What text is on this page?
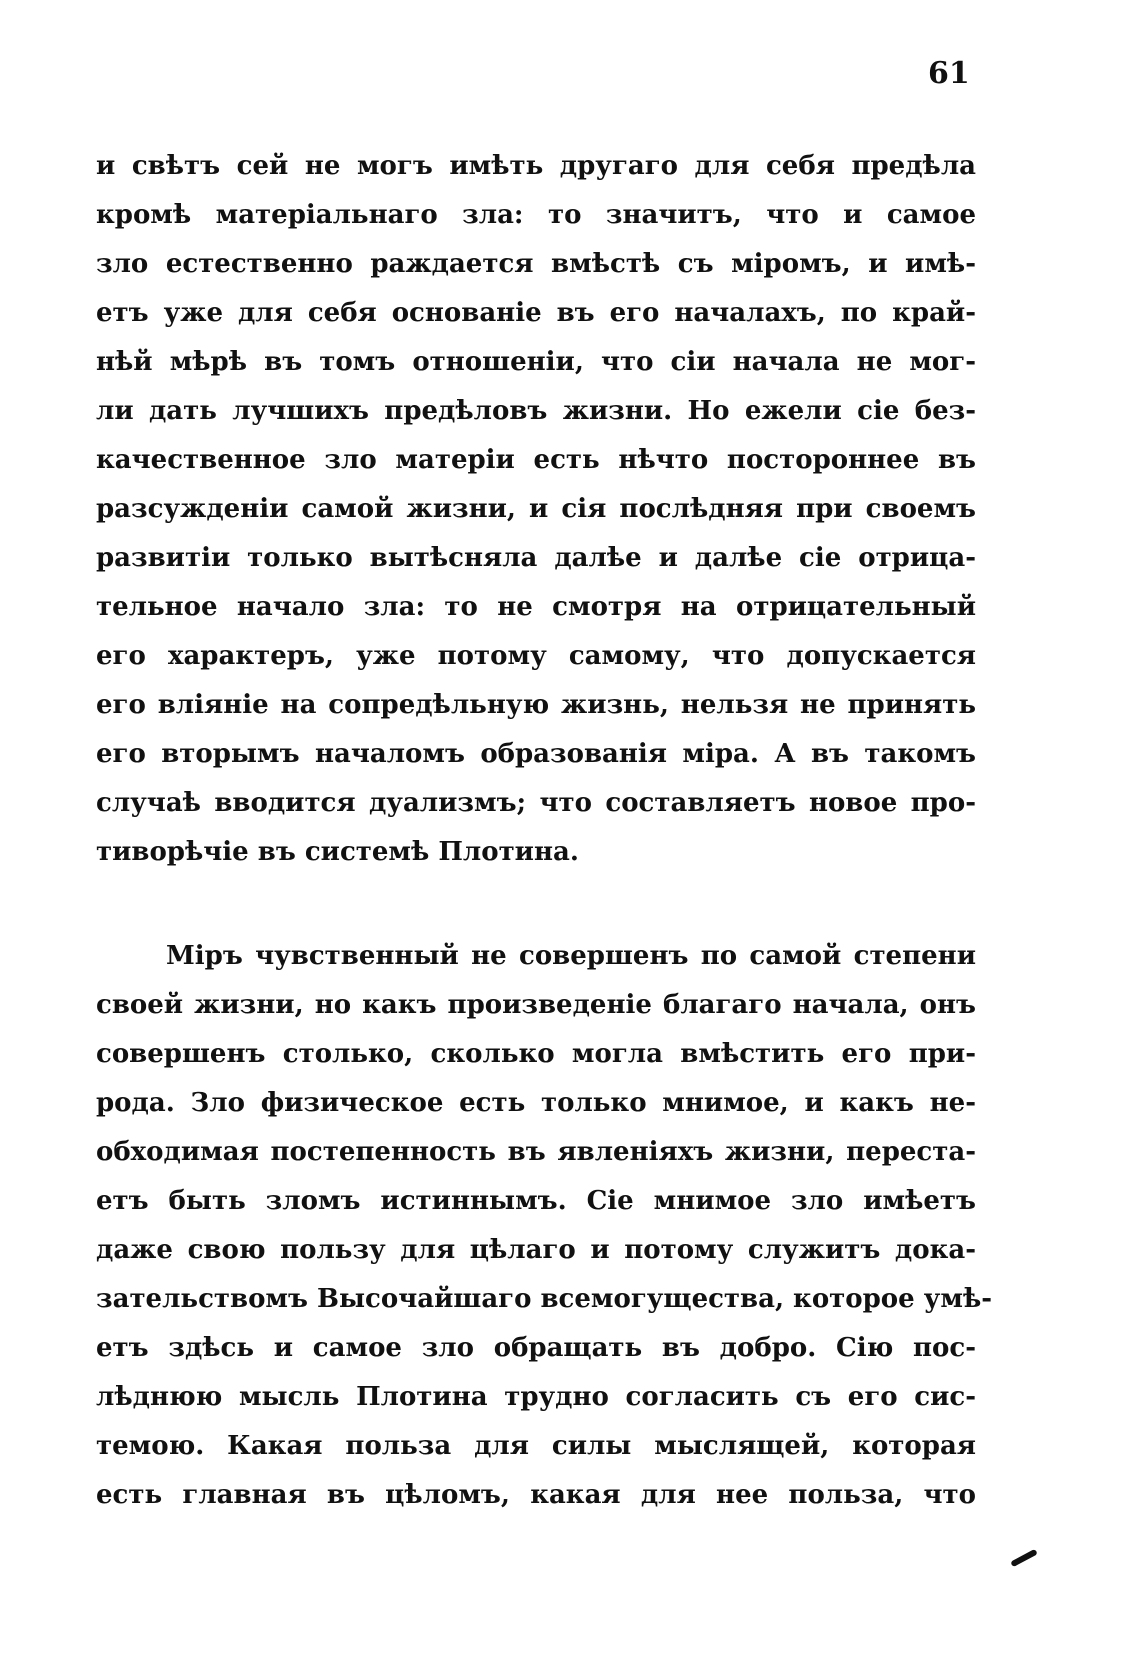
61
и свѣтъ сей не могъ имѣть другаго для себя предѣла
кромѣ матеріальнаго зла: то значитъ, что и самое
зло естественно раждается вмѣстѣ съ міромъ, и имѣ-
етъ уже для себя основаніе въ его началахъ, по край-
нѣй мѣрѣ въ томъ отношеніи, что сіи начала не мог-
ли дать лучшихъ предѣловъ жизни. Но ежели сіе без-
качественное зло матеріи есть нѣчто постороннее въ
разсужденіи самой жизни, и сія послѣдняя при своемъ
развитіи только вытѣсняла далѣе и далѣе сіе отрица-
тельное начало зла: то не смотря на отрицательный
его характеръ, уже потому самому, что допускается
его вліяніе на сопредѣльную жизнь, нельзя не принять
его вторымъ началомъ образованія міра. А въ такомъ
случаѣ вводится дуализмъ; что составляетъ новое про-
тиворѣчіе въ системѣ Плотина.
Міръ чувственный не совершенъ по самой степени
своей жизни, но какъ произведеніе благаго начала, онъ
совершенъ столько, сколько могла вмѣстить его при-
рода. Зло физическое есть только мнимое, и какъ не-
обходимая постепенность въ явленіяхъ жизни, переста-
етъ быть зломъ истиннымъ. Сіе мнимое зло имѣетъ
даже свою пользу для цѣлаго и потому служитъ дока-
зательствомъ Высочайшаго всемогущества, которое умѣ-
етъ здѣсь и самое зло обращать въ добро. Сію пос-
лѣднюю мысль Плотина трудно согласить съ его сис-
темою. Какая польза для силы мыслящей, которая
есть главная въ цѣломъ, какая для нее польза, что
